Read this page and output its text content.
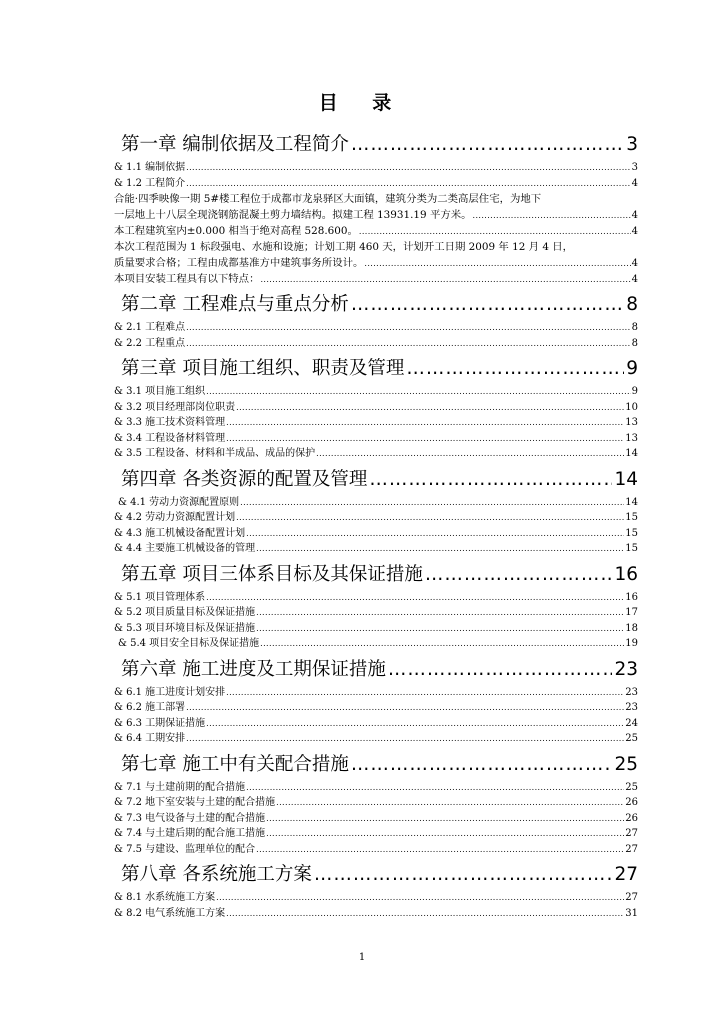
目 录
第一章 编制依据及工程简介 ……………………………………………………………………………………………………	3
& 1.1 编制依据 .....	3
& 1.2 工程简介 .....	4
合能·四季映像一期 5#楼工程位于成都市龙泉驿区大面镇，建筑分类为二类高层住宅，为地下
一层地上十八层全现浇钢筋混凝土剪力墙结构。拟建工程 13931.19 平方米。 .....	4
本工程建筑室内±0.000 相当于绝对高程 528.600。 .....	4
本次工程范围为 1 标段强电、水施和设施；计划工期 460 天，计划开工日期 2009 年 12 月 4 日，
质量要求合格；工程由成都基准方中建筑事务所设计。 .....	4
本项目安装工程具有以下特点： .....	4
第二章 工程难点与重点分析 ……………………………………………………………………………………………………	8
& 2.1 工程难点 .....	8
& 2.2 工程重点 .....	8
第三章 项目施工组织、职责及管理 ……………………………………………………………………………………………………	9
& 3.1 项目施工组织 .....	9
& 3.2 项目经理部岗位职责 .....	10
& 3.3 施工技术资料管理 .....	13
& 3.4 工程设备材料管理 .....	13
& 3.5 工程设备、材料和半成品、成品的保护 .....	14
第四章 各类资源的配置及管理 ……………………………………………………………………………………………………	14
& 4.1 劳动力资源配置原则 .....	14
& 4.2 劳动力资源配置计划 .....	15
& 4.3 施工机械设备配置计划 .....	15
& 4.4 主要施工机械设备的管理 .....	15
第五章 项目三体系目标及其保证措施 ……………………………………………………………………………………………………	16
& 5.1 项目管理体系 .....	16
& 5.2 项目质量目标及保证措施 .....	17
& 5.3 项目环境目标及保证措施 .....	18
& 5.4 项目安全目标及保证措施 .....	19
第六章 施工进度及工期保证措施 ……………………………………………………………………………………………………	23
& 6.1 施工进度计划安排 .....	23
& 6.2 施工部署 .....	23
& 6.3 工期保证措施 .....	24
& 6.4 工期安排 .....	25
第七章 施工中有关配合措施 ……………………………………………………………………………………………………	25
& 7.1 与土建前期的配合措施 .....	25
& 7.2 地下室安装与土建的配合措施 .....	26
& 7.3 电气设备与土建的配合措施 .....	26
& 7.4 与土建后期的配合施工措施 .....	27
& 7.5 与建设、监理单位的配合 .....	27
第八章 各系统施工方案 ……………………………………………………………………………………………………	27
& 8.1 水系统施工方案 .....	27
& 8.2 电气系统施工方案 .....	31
1
